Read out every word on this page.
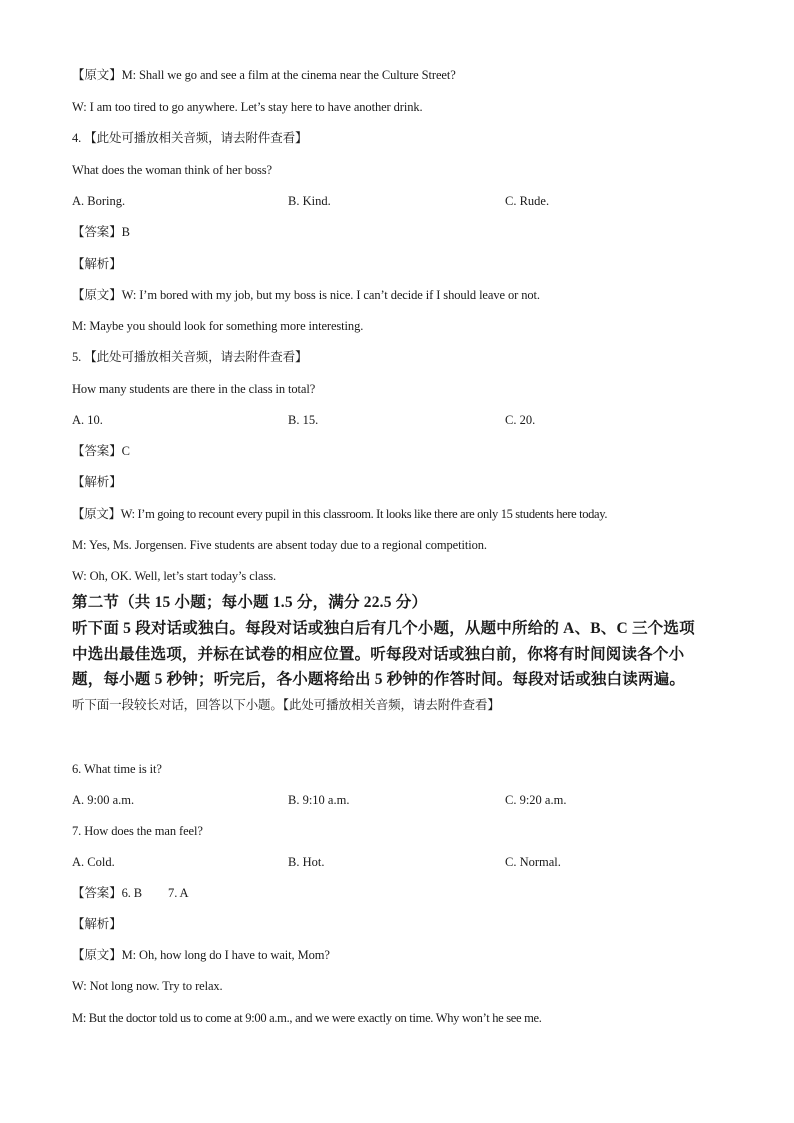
【原文】M: Shall we go and see a film at the cinema near the Culture Street?
W: I am too tired to go anywhere. Let’s stay here to have another drink.
4. 【此处可播放相关音频，请去附件查看】
What does the woman think of her boss?
A. Boring.	B. Kind.	C. Rude.
【答案】B
【解析】
【原文】W: I’m bored with my job, but my boss is nice. I can’t decide if I should leave or not.
M: Maybe you should look for something more interesting.
5. 【此处可播放相关音频，请去附件查看】
How many students are there in the class in total?
A. 10.	B. 15.	C. 20.
【答案】C
【解析】
【原文】W: I’m going to recount every pupil in this classroom. It looks like there are only 15 students here today.
M: Yes, Ms. Jorgensen. Five students are absent today due to a regional competition.
W: Oh, OK. Well, let’s start today’s class.
第二节（共 15 小题；每小题 1.5 分，满分 22.5 分）
听下面 5 段对话或独白。每段对话或独白后有几个小题，从题中所给的 A、B、C 三个选项
中选出最佳选项，并标在试卷的相应位置。听每段对话或独白前，你将有时间阅读各个小
题，每小题 5 秒钟；听完后，各小题将给出 5 秒钟的作答时间。每段对话或独白读两遍。
听下面一段较长对话，回答以下小题。【此处可播放相关音频，请去附件查看】
6. What time is it?
A. 9:00 a.m.	B. 9:10 a.m.	C. 9:20 a.m.
7. How does the man feel?
A. Cold.	B. Hot.	C. Normal.
【答案】6. B 7. A
【解析】
【原文】M: Oh, how long do I have to wait, Mom?
W: Not long now. Try to relax.
M: But the doctor told us to come at 9:00 a.m., and we were exactly on time. Why won’t he see me.
